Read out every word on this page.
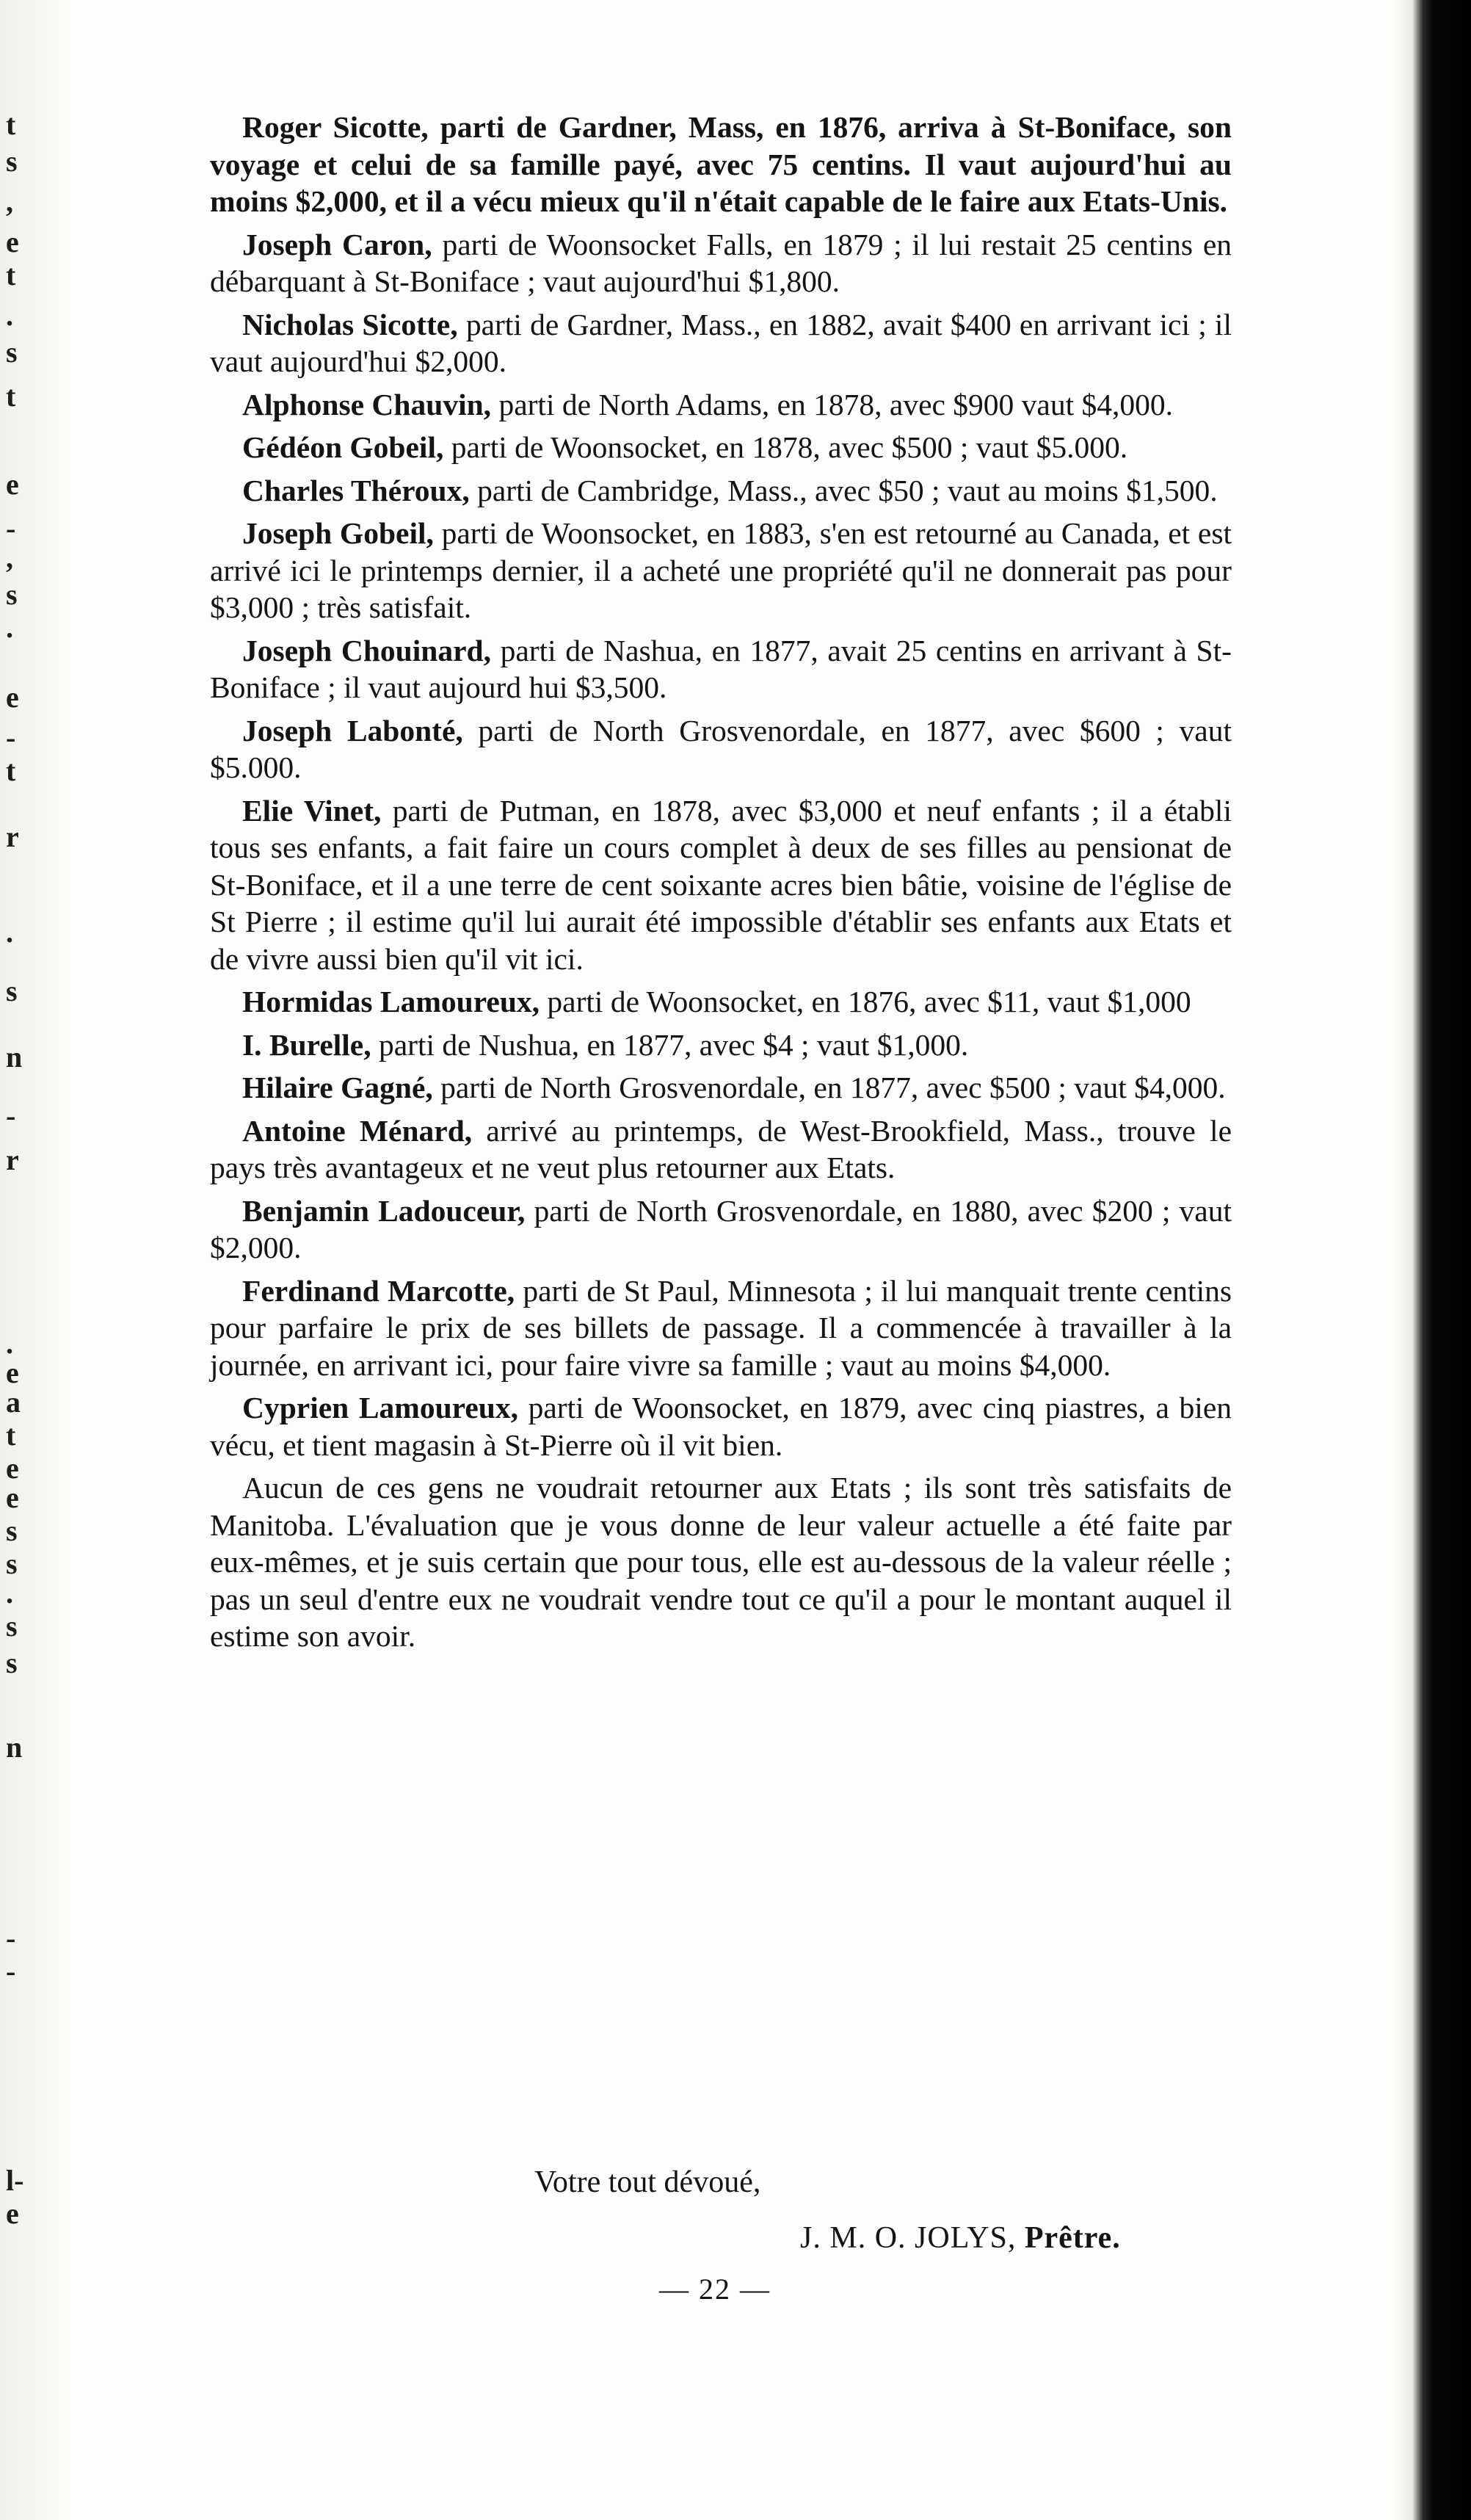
t
s
,
e
t
.
s
t
e
-
,
s
.
e
-
t
r
.
s
n
-
r
.
e
a
t
e
e
s
s
.
s
s
n
-
-
l-
e

Roger Sicotte, parti de Gardner, Mass, en 1876, arriva à St-Boniface, son voyage et celui de sa famille payé, avec 75 centins. Il vaut aujourd'hui au moins $2,000, et il a vécu mieux qu'il n'était capable de le faire aux Etats-Unis.

Joseph Caron, parti de Woonsocket Falls, en 1879 ; il lui restait 25 centins en débarquant à St-Boniface ; vaut aujourd'hui $1,800.

Nicholas Sicotte, parti de Gardner, Mass., en 1882, avait $400 en arrivant ici ; il vaut aujourd'hui $2,000.

Alphonse Chauvin, parti de North Adams, en 1878, avec $900 vaut $4,000.

Gédéon Gobeil, parti de Woonsocket, en 1878, avec $500 ; vaut $5.000.

Charles Théroux, parti de Cambridge, Mass., avec $50 ; vaut au moins $1,500.

Joseph Gobeil, parti de Woonsocket, en 1883, s'en est retourné au Canada, et est arrivé ici le printemps dernier, il a acheté une propriété qu'il ne donnerait pas pour $3,000 ; très satisfait.

Joseph Chouinard, parti de Nashua, en 1877, avait 25 centins en arrivant à St-Boniface ; il vaut aujourd hui $3,500.

Joseph Labonté, parti de North Grosvenordale, en 1877, avec $600 ; vaut $5.000.

Elie Vinet, parti de Putman, en 1878, avec $3,000 et neuf enfants ; il a établi tous ses enfants, a fait faire un cours complet à deux de ses filles au pensionat de St-Boniface, et il a une terre de cent soixante acres bien bâtie, voisine de l'église de St Pierre ; il estime qu'il lui aurait été impossible d'établir ses enfants aux Etats et de vivre aussi bien qu'il vit ici.

Hormidas Lamoureux, parti de Woonsocket, en 1876, avec $11, vaut $1,000

I. Burelle, parti de Nushua, en 1877, avec $4 ; vaut $1,000.

Hilaire Gagné, parti de North Grosvenordale, en 1877, avec $500 ; vaut $4,000.

Antoine Ménard, arrivé au printemps, de West-Brookfield, Mass., trouve le pays très avantageux et ne veut plus retourner aux Etats.

Benjamin Ladouceur, parti de North Grosvenordale, en 1880, avec $200 ; vaut $2,000.

Ferdinand Marcotte, parti de St Paul, Minnesota ; il lui manquait trente centins pour parfaire le prix de ses billets de passage. Il a commencée à travailler à la journée, en arrivant ici, pour faire vivre sa famille ; vaut au moins $4,000.

Cyprien Lamoureux, parti de Woonsocket, en 1879, avec cinq piastres, a bien vécu, et tient magasin à St-Pierre où il vit bien.

Aucun de ces gens ne voudrait retourner aux Etats ; ils sont très satisfaits de Manitoba. L'évaluation que je vous donne de leur valeur actuelle a été faite par eux-mêmes, et je suis certain que pour tous, elle est au-dessous de la valeur réelle ; pas un seul d'entre eux ne voudrait vendre tout ce qu'il a pour le montant auquel il estime son avoir.

Votre tout dévoué,
J. M. O. JOLYS, Prêtre.
— 22 —
